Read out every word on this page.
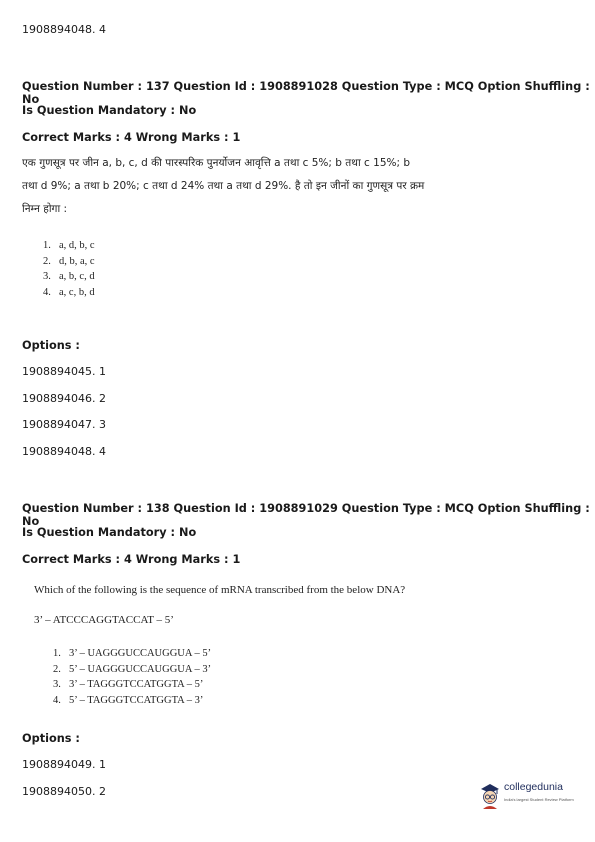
1908894048. 4
Question Number : 137 Question Id : 1908891028 Question Type : MCQ Option Shuffling : No
Is Question Mandatory : No
Correct Marks : 4 Wrong Marks : 1
एक गुणसूत्र पर जीन a, b, c, d की पारस्परिक पुनर्योजन आवृत्ति a तथा c 5%; b तथा c 15%; b
तथा d 9%; a तथा b 20%; c तथा d 24% तथा a तथा d 29%. है तो इन जीनों का गुणसूत्र पर क्रम
निम्न होगा :
1. a, d, b, c
2. d, b, a, c
3. a, b, c, d
4. a, c, b, d
Options :
1908894045. 1
1908894046. 2
1908894047. 3
1908894048. 4
Question Number : 138 Question Id : 1908891029 Question Type : MCQ Option Shuffling : No
Is Question Mandatory : No
Correct Marks : 4 Wrong Marks : 1
Which of the following is the sequence of mRNA transcribed from the below DNA?
3’ – ATCCCAGGTACCAT – 5’
1. 3’ – UAGGGUCCAUGGUA – 5’
2. 5’ – UAGGGUCCAUGGUA – 3’
3. 3’ – TAGGGTCCATGGTA – 5’
4. 5’ – TAGGGTCCATGGTA – 3’
Options :
1908894049. 1
1908894050. 2	collegedunia
India's largest Student Review Platform
